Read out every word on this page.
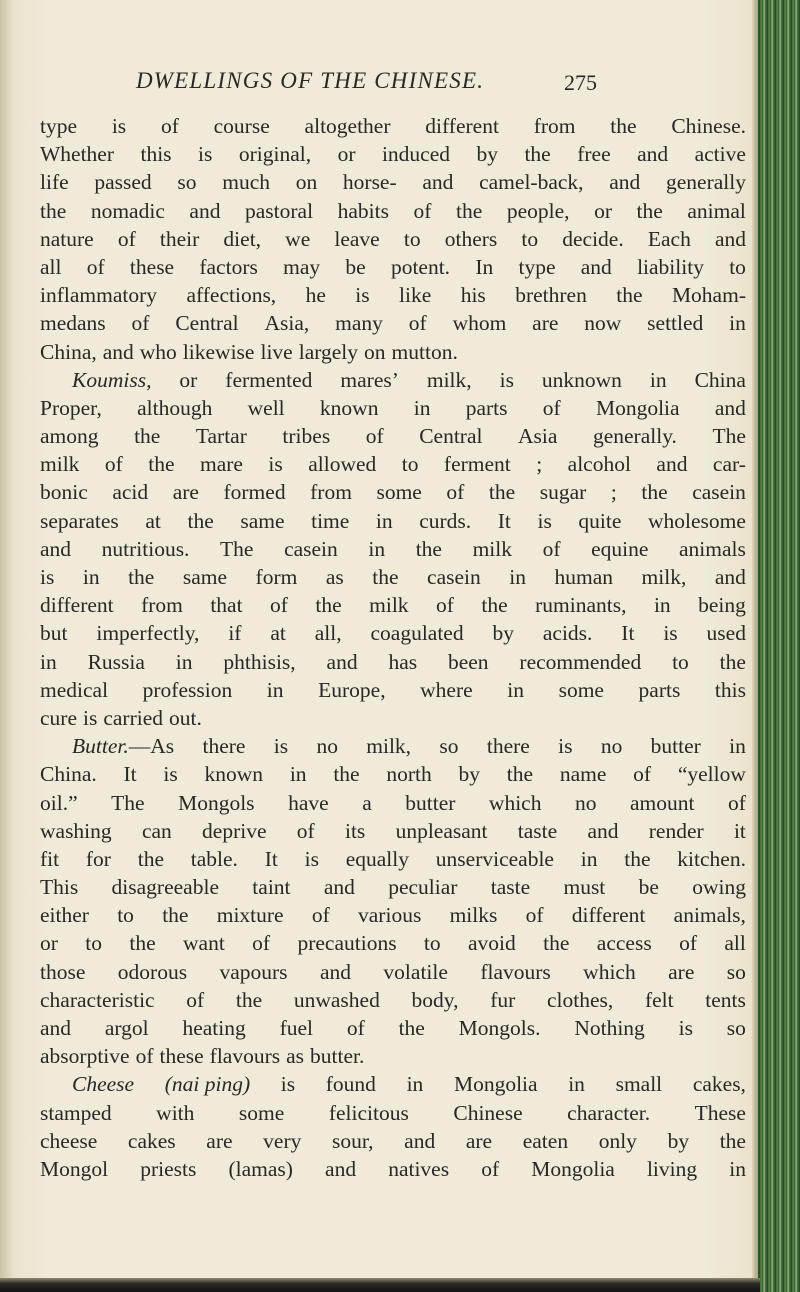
DWELLINGS OF THE CHINESE.	275
type is of course altogether different from the Chinese.
Whether this is original, or induced by the free and active
life passed so much on horse- and camel-back, and generally
the nomadic and pastoral habits of the people, or the animal
nature of their diet, we leave to others to decide. Each and
all of these factors may be potent. In type and liability to
inflammatory affections, he is like his brethren the Moham-
medans of Central Asia, many of whom are now settled in
China, and who likewise live largely on mutton.
Koumiss, or fermented mares’ milk, is unknown in China
Proper, although well known in parts of Mongolia and
among the Tartar tribes of Central Asia generally. The
milk of the mare is allowed to ferment ; alcohol and car-
bonic acid are formed from some of the sugar ; the casein
separates at the same time in curds. It is quite wholesome
and nutritious. The casein in the milk of equine animals
is in the same form as the casein in human milk, and
different from that of the milk of the ruminants, in being
but imperfectly, if at all, coagulated by acids. It is used
in Russia in phthisis, and has been recommended to the
medical profession in Europe, where in some parts this
cure is carried out.
Butter.—As there is no milk, so there is no butter in
China. It is known in the north by the name of “yellow
oil.” The Mongols have a butter which no amount of
washing can deprive of its unpleasant taste and render it
fit for the table. It is equally unserviceable in the kitchen.
This disagreeable taint and peculiar taste must be owing
either to the mixture of various milks of different animals,
or to the want of precautions to avoid the access of all
those odorous vapours and volatile flavours which are so
characteristic of the unwashed body, fur clothes, felt tents
and argol heating fuel of the Mongols. Nothing is so
absorptive of these flavours as butter.
Cheese (nai ping) is found in Mongolia in small cakes,
stamped with some felicitous Chinese character. These
cheese cakes are very sour, and are eaten only by the
Mongol priests (lamas) and natives of Mongolia living in
